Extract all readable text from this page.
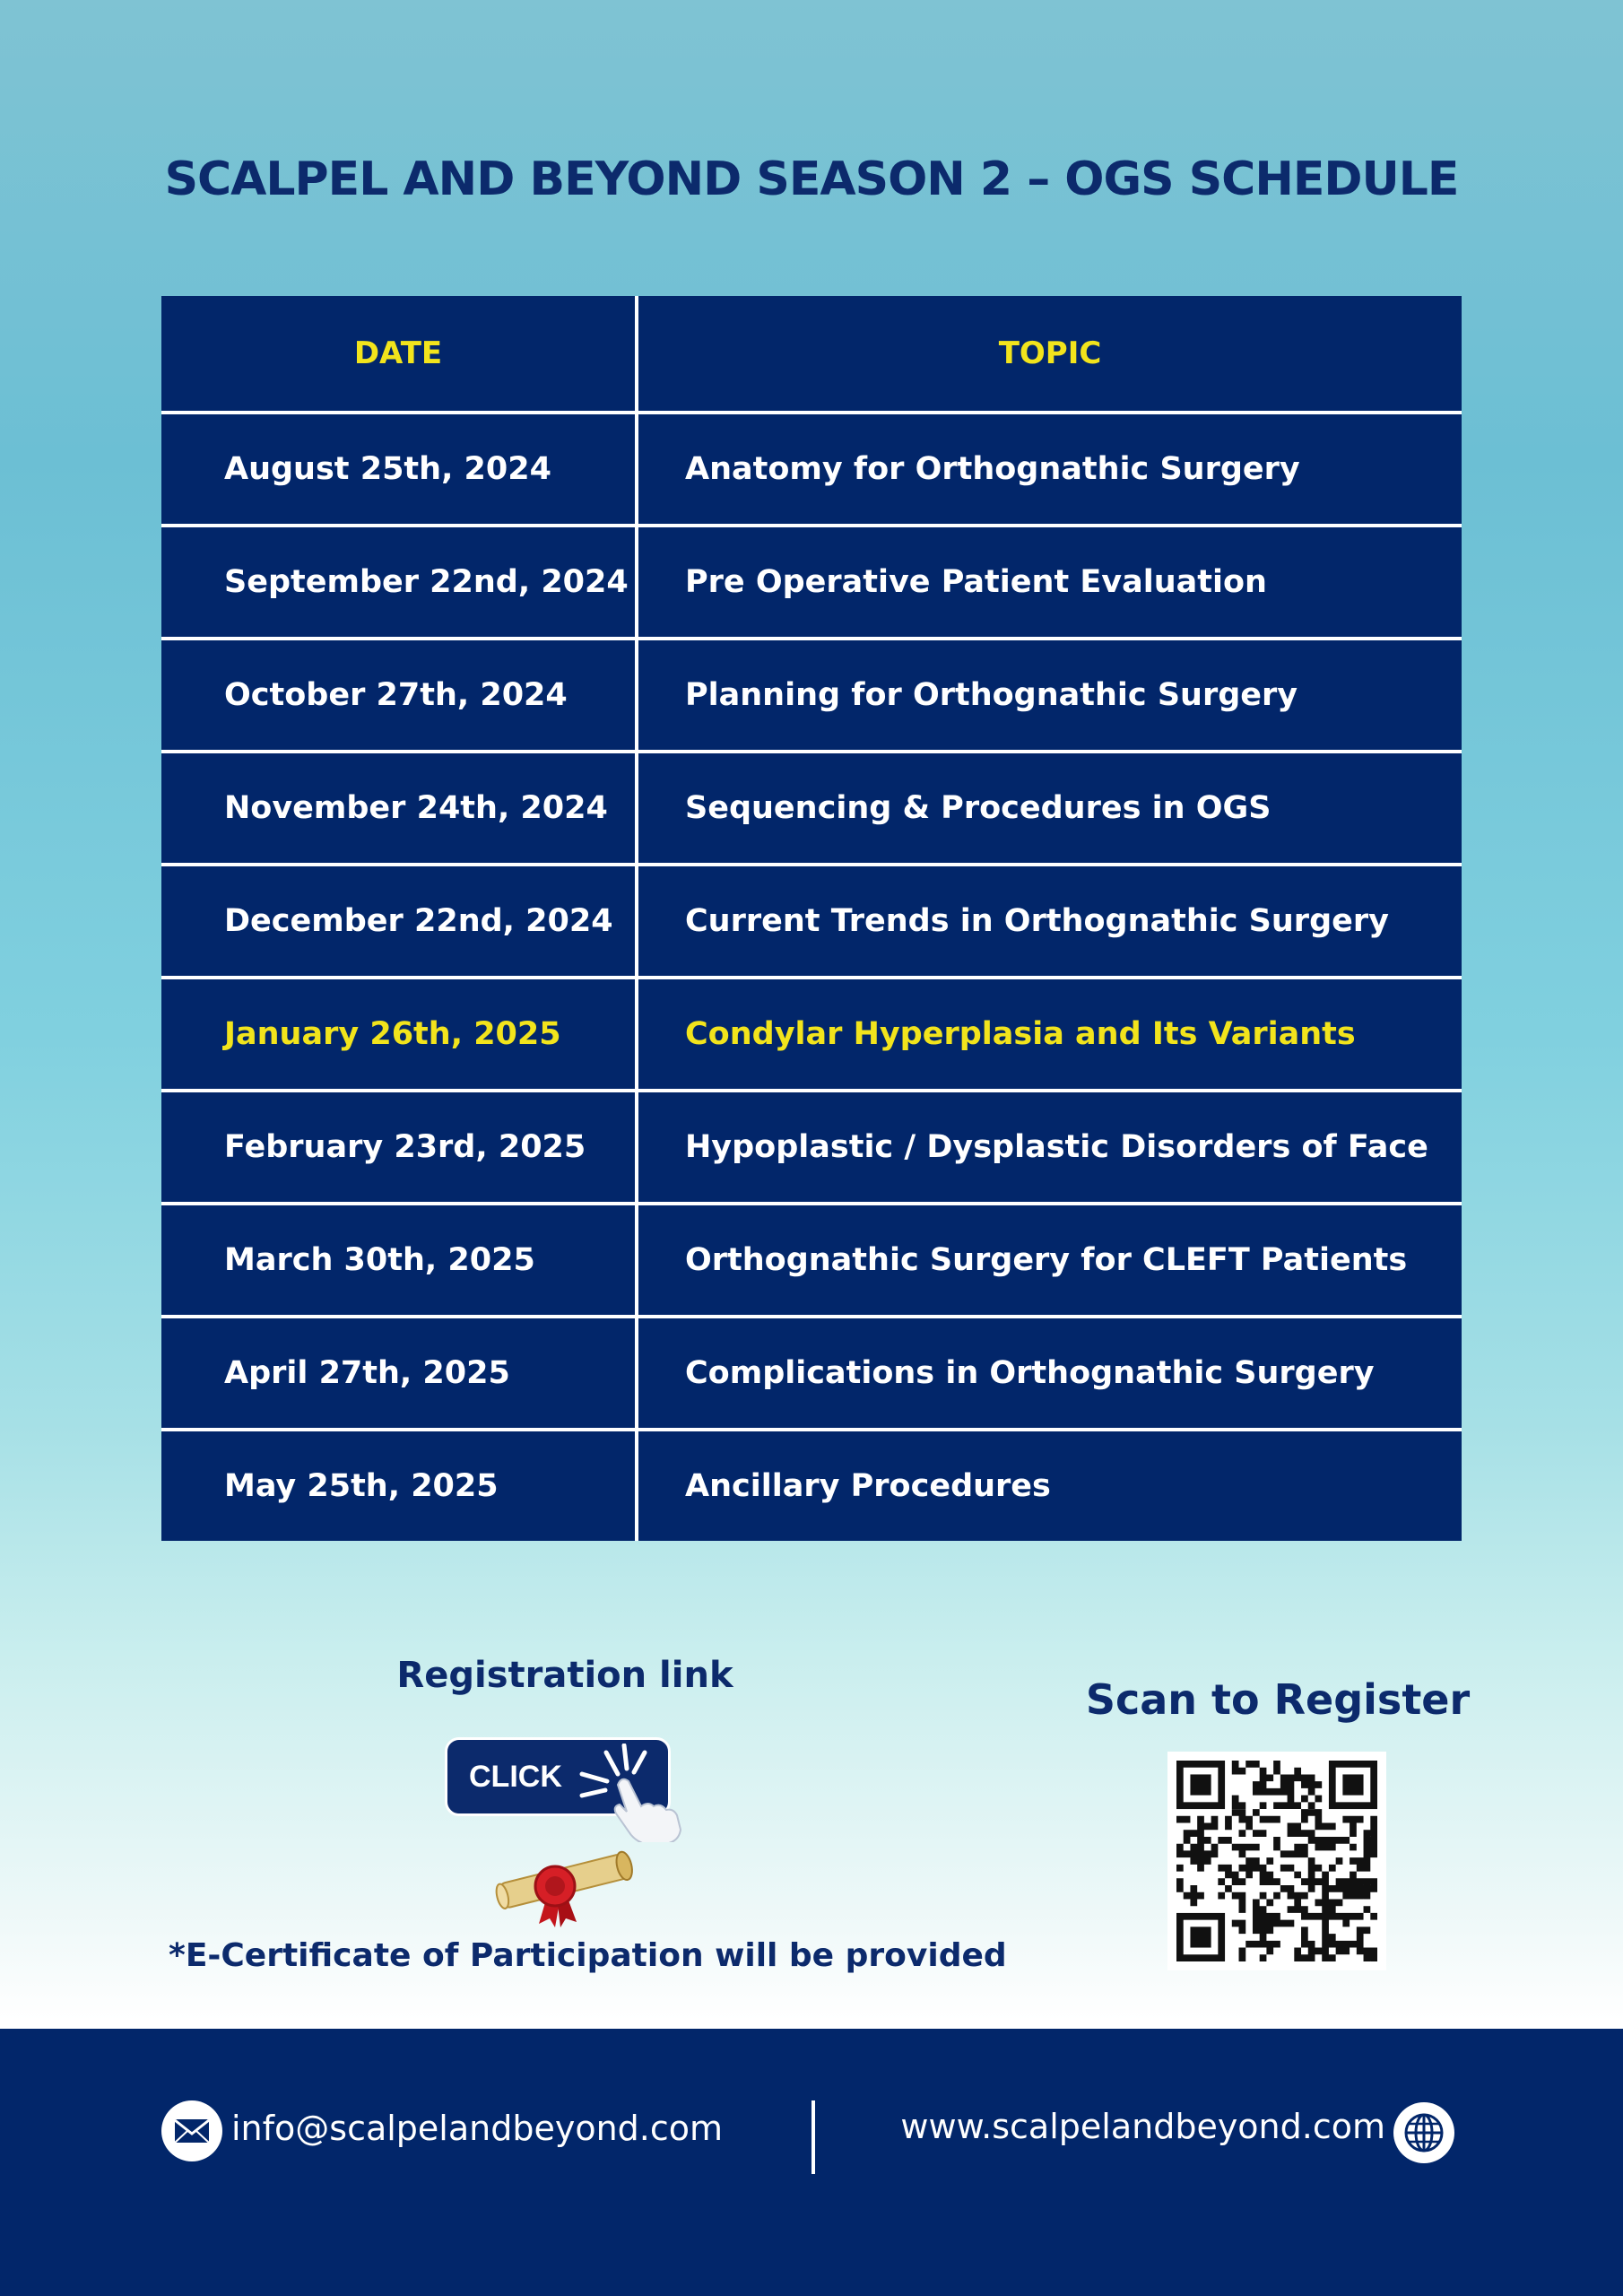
SCALPEL AND BEYOND SEASON 2 – OGS SCHEDULE
DATE	TOPIC
August 25th, 2024	Anatomy for Orthognathic Surgery
September 22nd, 2024	Pre Operative Patient Evaluation
October 27th, 2024	Planning for Orthognathic Surgery
November 24th, 2024	Sequencing & Procedures in OGS
December 22nd, 2024	Current Trends in Orthognathic Surgery
January 26th, 2025	Condylar Hyperplasia and Its Variants
February 23rd, 2025	Hypoplastic / Dysplastic Disorders of Face
March 30th, 2025	Orthognathic Surgery for CLEFT Patients
April 27th, 2025	Complications in Orthognathic Surgery
May 25th, 2025	Ancillary Procedures
Registration link
CLICK
*E-Certificate of Participation will be provided
Scan to Register
info@scalpelandbeyond.com	www.scalpelandbeyond.com
